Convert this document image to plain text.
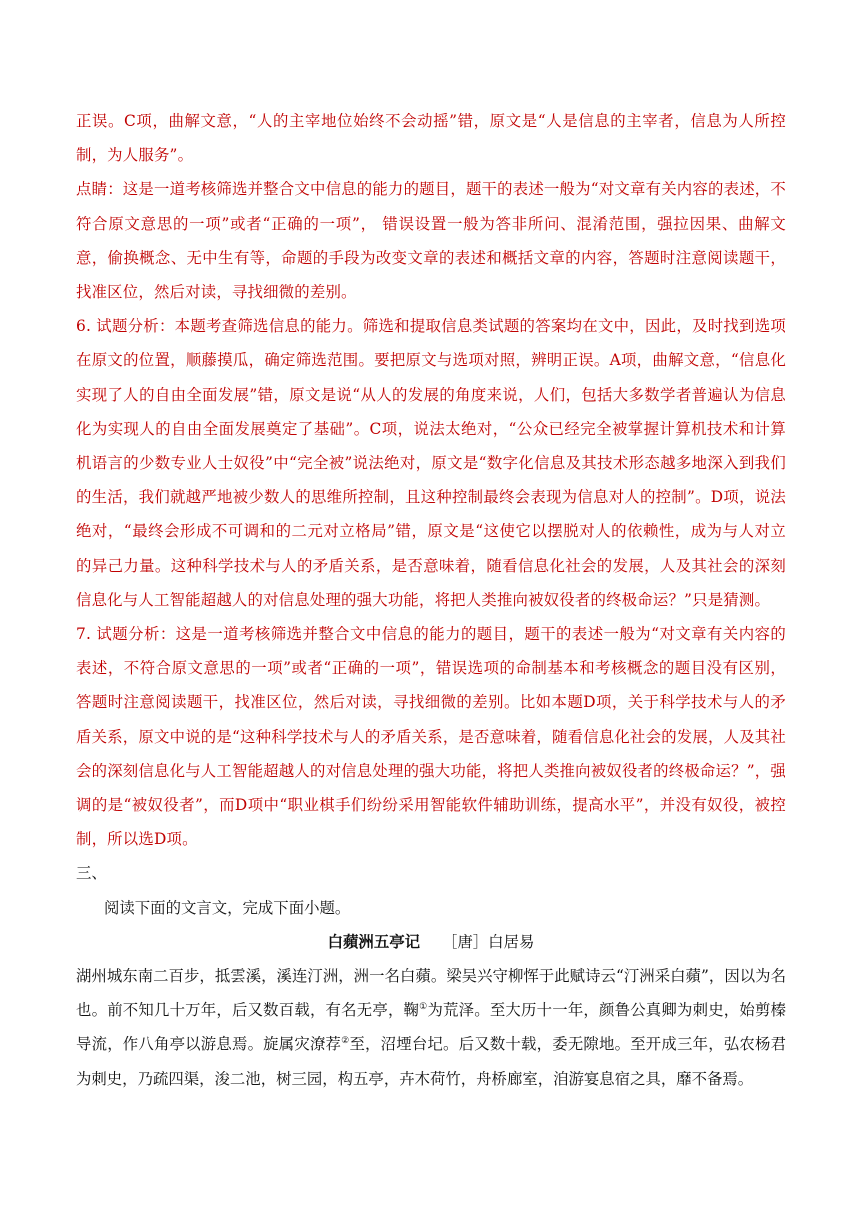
正误。C项，曲解文意，“人的主宰地位始终不会动摇”错，原文是“人是信息的主宰者，信息为人所控制，为人服务”。

点睛：这是一道考核筛选并整合文中信息的能力的题目，题干的表述一般为“对文章有关内容的表述，不符合原文意思的一项”或者“正确的一项”， 错误设置一般为答非所问、混淆范围，强拉因果、曲解文意，偷换概念、无中生有等，命题的手段为改变文章的表述和概括文章的内容，答题时注意阅读题干，找准区位，然后对读，寻找细微的差别。

6. 试题分析：本题考查筛选信息的能力。筛选和提取信息类试题的答案均在文中，因此，及时找到选项在原文的位置，顺藤摸瓜，确定筛选范围。要把原文与选项对照，辨明正误。A项，曲解文意，“信息化实现了人的自由全面发展”错，原文是说“从人的发展的角度来说，人们，包括大多数学者普遍认为信息化为实现人的自由全面发展奠定了基础”。C项，说法太绝对，“公众已经完全被掌握计算机技术和计算机语言的少数专业人士奴役”中“完全被”说法绝对，原文是“数字化信息及其技术形态越多地深入到我们的生活，我们就越严地被少数人的思维所控制，且这种控制最终会表现为信息对人的控制”。D项，说法绝对，“最终会形成不可调和的二元对立格局”错，原文是“这使它以摆脱对人的依赖性，成为与人对立的异己力量。这种科学技术与人的矛盾关系，是否意味着，随看信息化社会的发展，人及其社会的深刻信息化与人工智能超越人的对信息处理的强大功能，将把人类推向被奴役者的终极命运？”只是猜测。

7. 试题分析：这是一道考核筛选并整合文中信息的能力的题目，题干的表述一般为“对文章有关内容的表述，不符合原文意思的一项”或者“正确的一项”，错误选项的命制基本和考核概念的题目没有区别，答题时注意阅读题干，找准区位，然后对读，寻找细微的差别。比如本题D项，关于科学技术与人的矛盾关系，原文中说的是“这种科学技术与人的矛盾关系，是否意味着，随看信息化社会的发展，人及其社会的深刻信息化与人工智能超越人的对信息处理的强大功能，将把人类推向被奴役者的终极命运？”，强调的是“被奴役者”，而D项中“职业棋手们纷纷采用智能软件辅助训练，提高水平”，并没有奴役，被控制，所以选D项。

三、

阅读下面的文言文，完成下面小题。

白蘋洲五亭记 ［唐］白居易

湖州城东南二百步，抵雲溪，溪连汀洲，洲一名白蘋。梁吴兴守柳恽于此赋诗云“汀洲采白蘋”，因以为名也。前不知几十万年，后又数百载，有名无亭，鞠①为荒泽。至大历十一年，颜鲁公真卿为刺史，始剪榛导流，作八角亭以游息焉。旋属灾潦荐②至，沼堙台圮。后又数十载，委无隙地。至开成三年，弘农杨君为刺史，乃疏四渠，浚二池，树三园，构五亭，卉木荷竹，舟桥廊室，洎游宴息宿之具，靡不备焉。
